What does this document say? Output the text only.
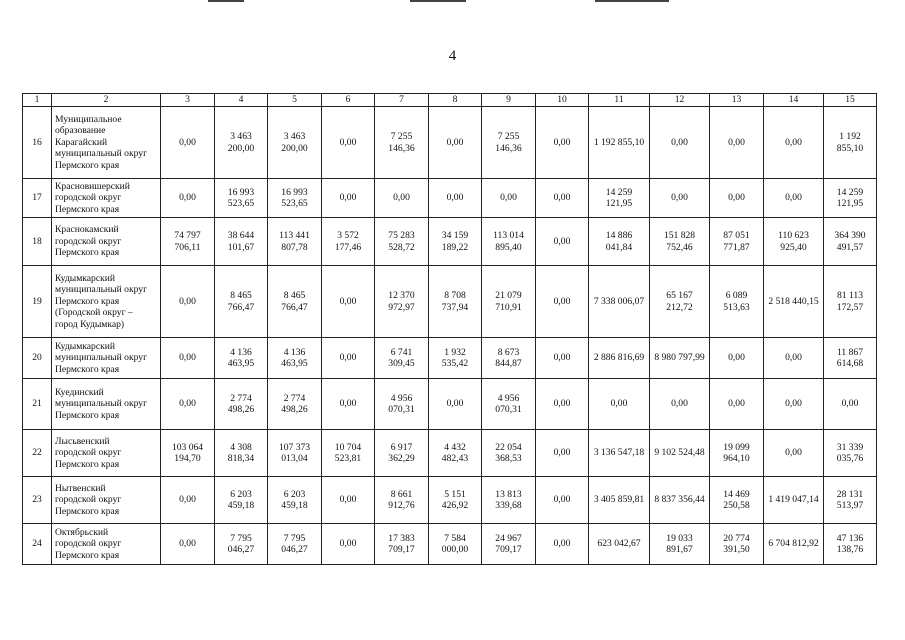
4
1	2	3	4	5	6	7	8	9	10	11	12	13	14	15
16	Муниципальное
образование
Карагайский
муниципальный округ
Пермского края	0,00	3 463
200,00	3 463
200,00	0,00	7 255
146,36	0,00	7 255
146,36	0,00	1 192 855,10	0,00	0,00	0,00	1 192
855,10
17	Красновишерский
городской округ
Пермского края	0,00	16 993
523,65	16 993
523,65	0,00	0,00	0,00	0,00	0,00	14 259
121,95	0,00	0,00	0,00	14 259
121,95
18	Краснокамский
городской округ
Пермского края	74 797
706,11	38 644
101,67	113 441
807,78	3 572
177,46	75 283
528,72	34 159
189,22	113 014
895,40	0,00	14 886
041,84	151 828
752,46	87 051
771,87	110 623
925,40	364 390
491,57
19	Кудымкарский
муниципальный округ
Пермского края
(Городской округ –
город Кудымкар)	0,00	8 465
766,47	8 465
766,47	0,00	12 370
972,97	8 708
737,94	21 079
710,91	0,00	7 338 006,07	65 167
212,72	6 089
513,63	2 518 440,15	81 113
172,57
20	Кудымкарский
муниципальный округ
Пермского края	0,00	4 136
463,95	4 136
463,95	0,00	6 741
309,45	1 932
535,42	8 673
844,87	0,00	2 886 816,69	8 980 797,99	0,00	0,00	11 867
614,68
21	Куединский
муниципальный округ
Пермского края	0,00	2 774
498,26	2 774
498,26	0,00	4 956
070,31	0,00	4 956
070,31	0,00	0,00	0,00	0,00	0,00	0,00
22	Лысьвенский
городской округ
Пермского края	103 064
194,70	4 308
818,34	107 373
013,04	10 704
523,81	6 917
362,29	4 432
482,43	22 054
368,53	0,00	3 136 547,18	9 102 524,48	19 099
964,10	0,00	31 339
035,76
23	Нытвенский
городской округ
Пермского края	0,00	6 203
459,18	6 203
459,18	0,00	8 661
912,76	5 151
426,92	13 813
339,68	0,00	3 405 859,81	8 837 356,44	14 469
250,58	1 419 047,14	28 131
513,97
24	Октябрьский
городской округ
Пермского края	0,00	7 795
046,27	7 795
046,27	0,00	17 383
709,17	7 584
000,00	24 967
709,17	0,00	623 042,67	19 033
891,67	20 774
391,50	6 704 812,92	47 136
138,76
